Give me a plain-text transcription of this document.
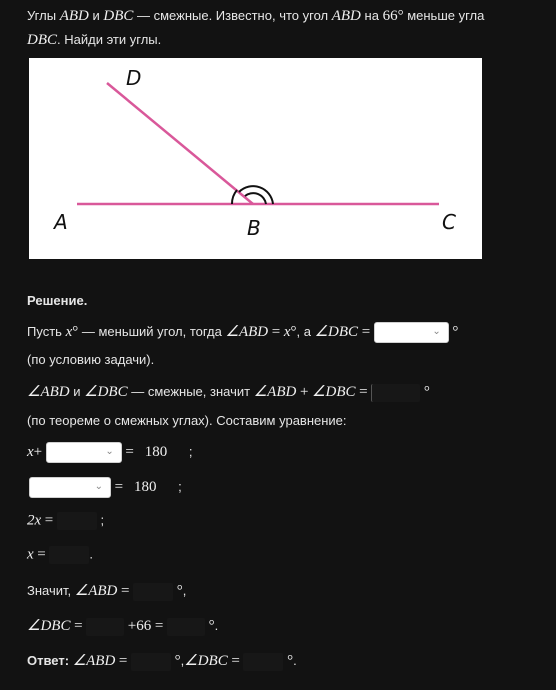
Углы ABD и DBC — смежные. Известно, что угол ABD на 66° меньше угла
DBC. Найди эти углы.
D
A	B	C
Решение.
Пусть x° — меньший угол, тогда ∠ABD = x°, а ∠DBC =	⌄ °
(по условию задачи).
∠ABD и ∠DBC — смежные, значит ∠ABD + ∠DBC =	°
(по теореме о смежных углах). Составим уравнение:
x+	⌄ = 180 ;
⌄ = 180 ;
2x =	;
x =	.
Значит, ∠ABD =	°,
∠DBC =	+66 =	°.
Ответ: ∠ABD =	°,∠DBC =	°.
